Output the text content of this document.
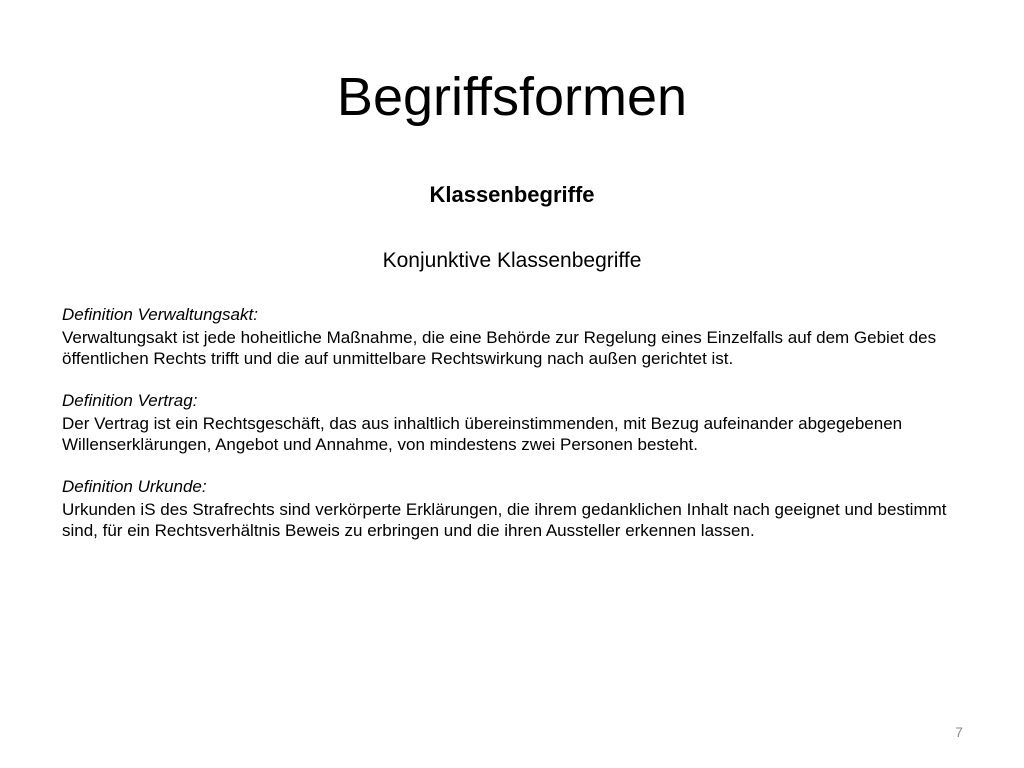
Begriffsformen
Klassenbegriffe
Konjunktive Klassenbegriffe

Definition Verwaltungsakt:

Verwaltungsakt ist jede hoheitliche Maßnahme, die eine Behörde zur Regelung eines Einzelfalls auf dem Gebiet des öffentlichen Rechts trifft und die auf unmittelbare Rechtswirkung nach außen gerichtet ist.

Definition Vertrag:

Der Vertrag ist ein Rechtsgeschäft, das aus inhaltlich übereinstimmenden, mit Bezug aufeinander abgegebenen Willenserklärungen, Angebot und Annahme, von mindestens zwei Personen besteht.

Definition Urkunde:

Urkunden iS des Strafrechts sind verkörperte Erklärungen, die ihrem gedanklichen Inhalt nach geeignet und bestimmt sind, für ein Rechtsverhältnis Beweis zu erbringen und die ihren Aussteller erkennen lassen.

7
